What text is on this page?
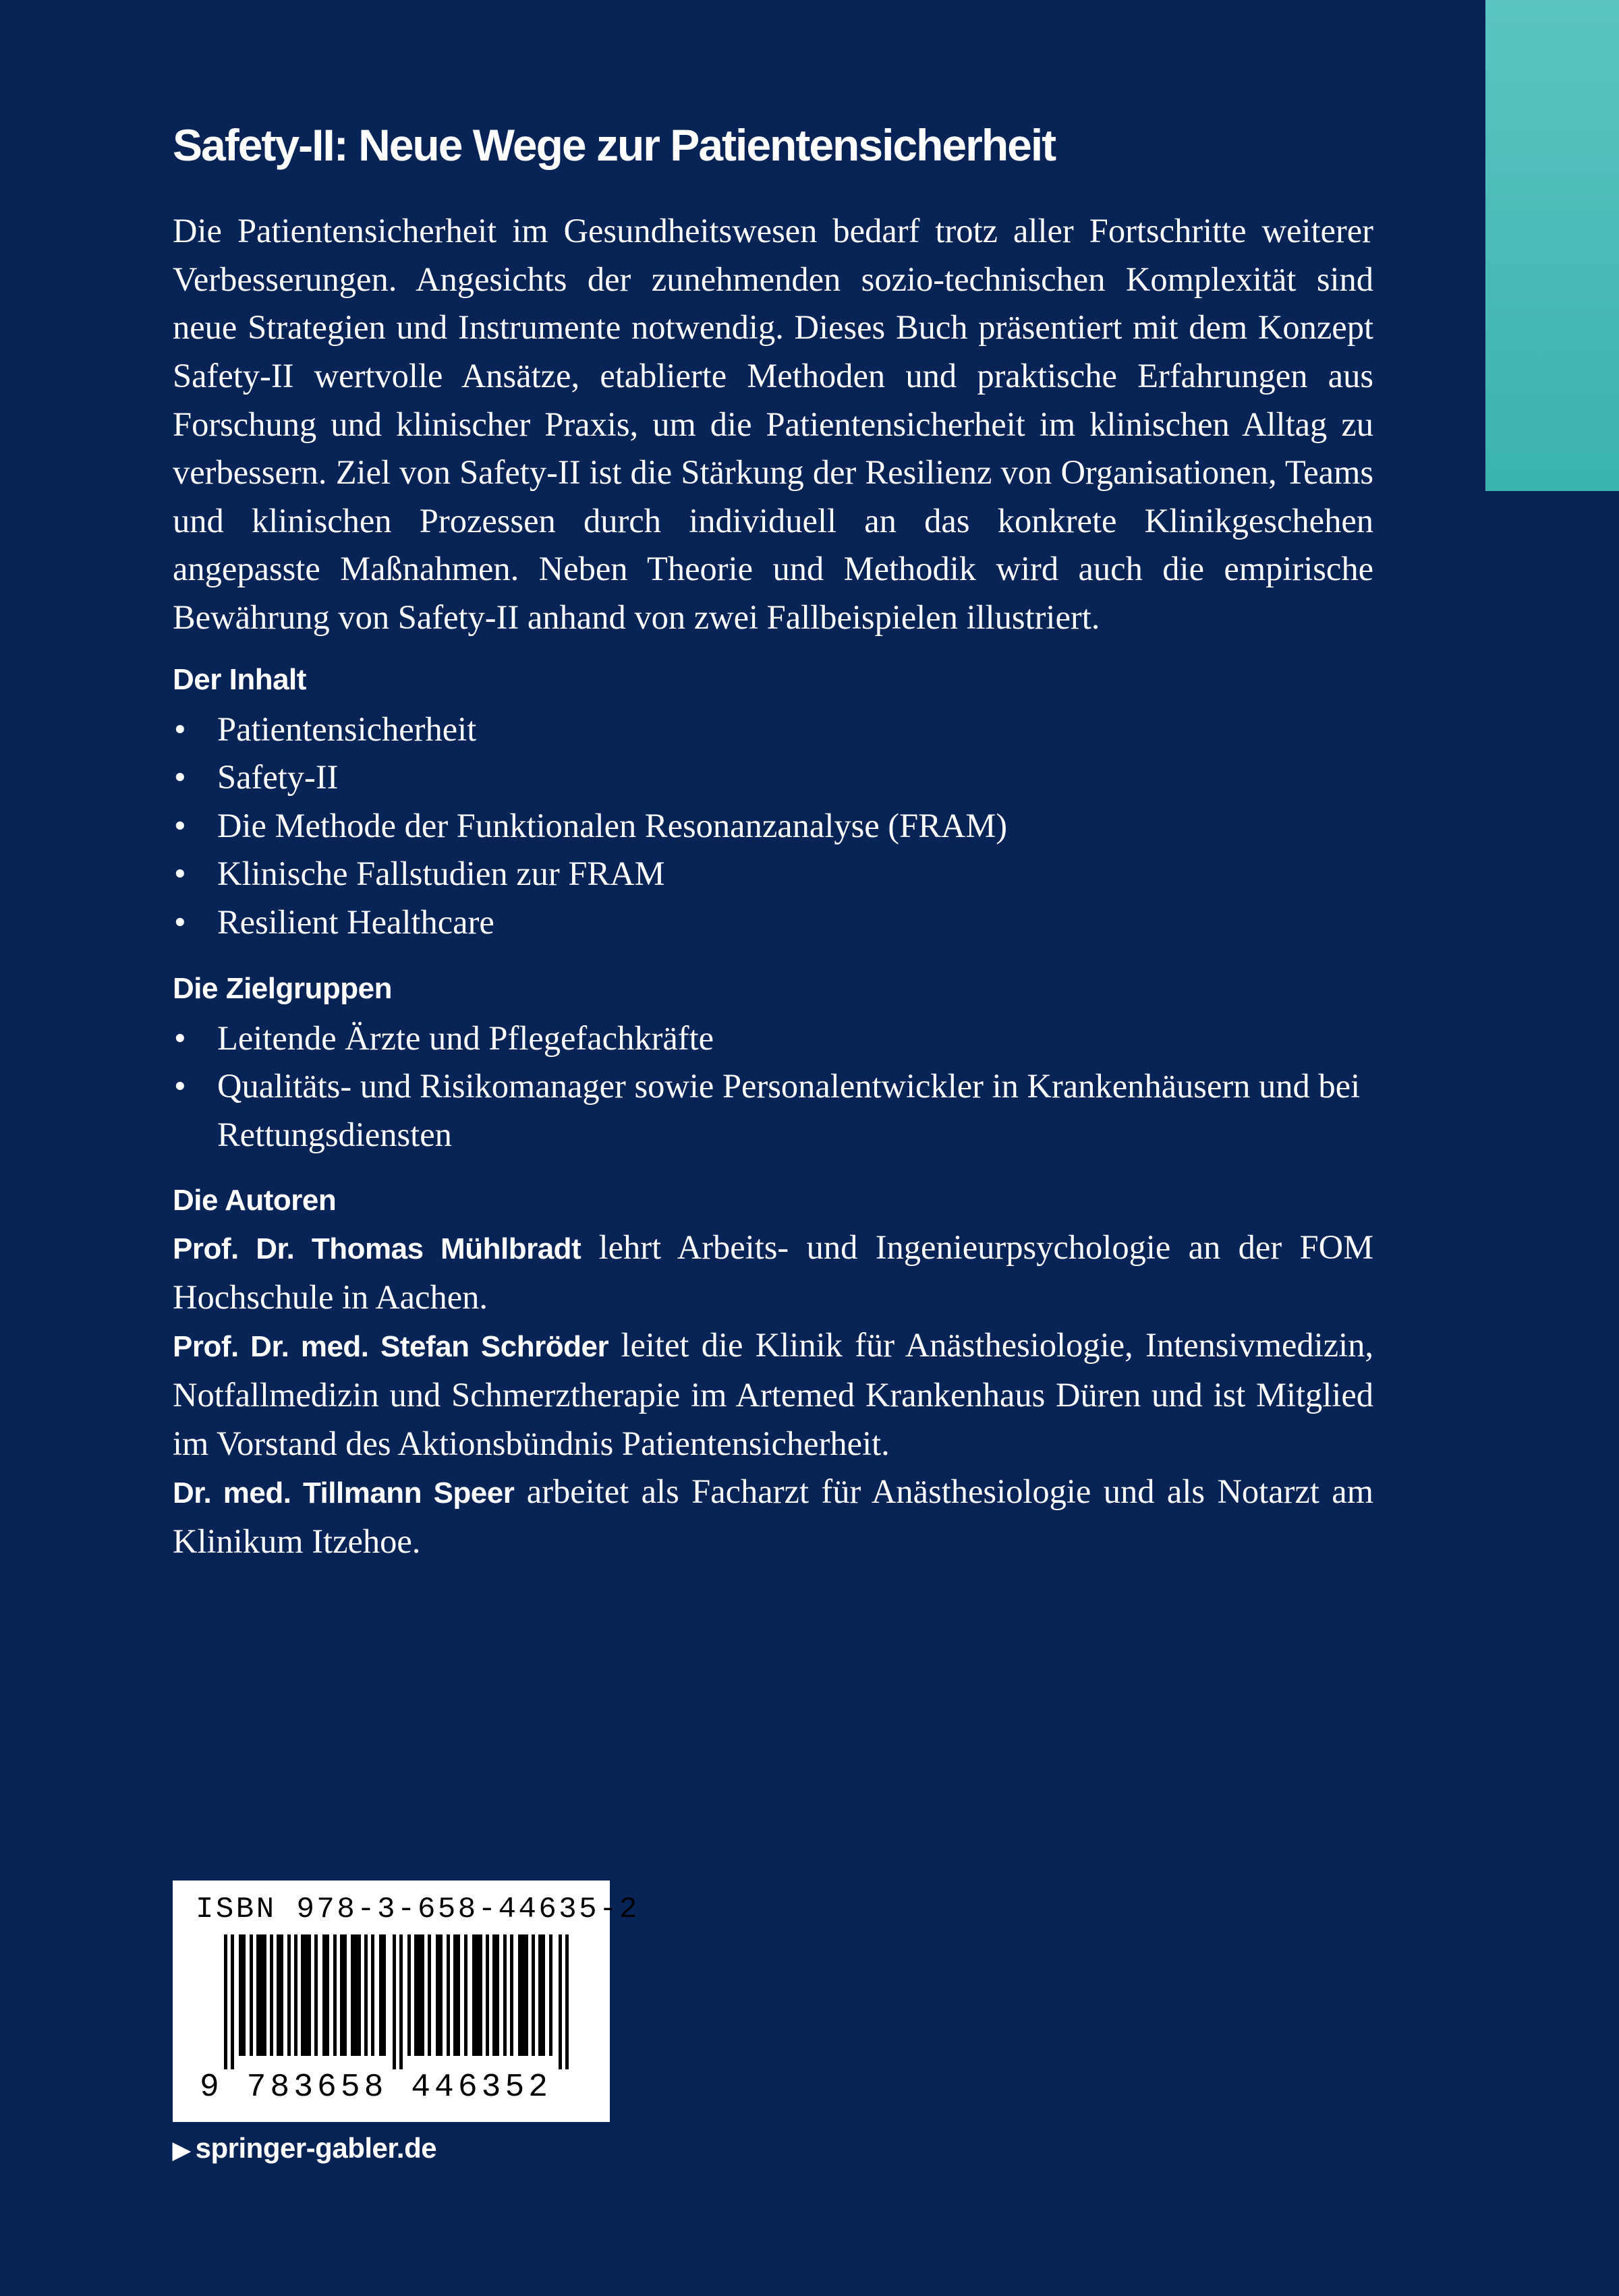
Safety-II: Neue Wege zur Patientensicherheit

Die Patientensicherheit im Gesundheitswesen bedarf trotz aller Fortschritte weiterer Verbesserungen. Angesichts der zunehmenden sozio-technischen Komplexität sind neue Strategien und Instrumente notwendig. Dieses Buch präsentiert mit dem Konzept Safety-II wertvolle Ansätze, etablierte Methoden und praktische Erfahrungen aus Forschung und klinischer Praxis, um die Patientensicherheit im klinischen Alltag zu verbessern. Ziel von Safety-II ist die Stärkung der Resilienz von Organisationen, Teams und klinischen Prozessen durch individuell an das konkrete Klinikgeschehen angepasste Maßnahmen. Neben Theorie und Methodik wird auch die empirische Bewährung von Safety-II anhand von zwei Fallbeispielen illustriert.

Der Inhalt
• Patientensicherheit
• Safety-II
• Die Methode der Funktionalen Resonanzanalyse (FRAM)
• Klinische Fallstudien zur FRAM
• Resilient Healthcare
Die Zielgruppen
• Leitende Ärzte und Pflegefachkräfte
• Qualitäts- und Risikomanager sowie Personalentwickler in Krankenhäusern und bei Rettungsdiensten
Die Autoren

Prof. Dr. Thomas Mühlbradt lehrt Arbeits- und Ingenieurpsychologie an der FOM Hochschule in Aachen.

Prof. Dr. med. Stefan Schröder leitet die Klinik für Anästhesiologie, Intensivmedizin, Notfallmedizin und Schmerztherapie im Artemed Krankenhaus Düren und ist Mitglied im Vorstand des Aktionsbündnis Patientensicherheit.

Dr. med. Tillmann Speer arbeitet als Facharzt für Anästhesiologie und als Notarzt am Klinikum Itzehoe.

ISBN 978-3-658-44635-2
9 783658 446352
▶ springer-gabler.de
